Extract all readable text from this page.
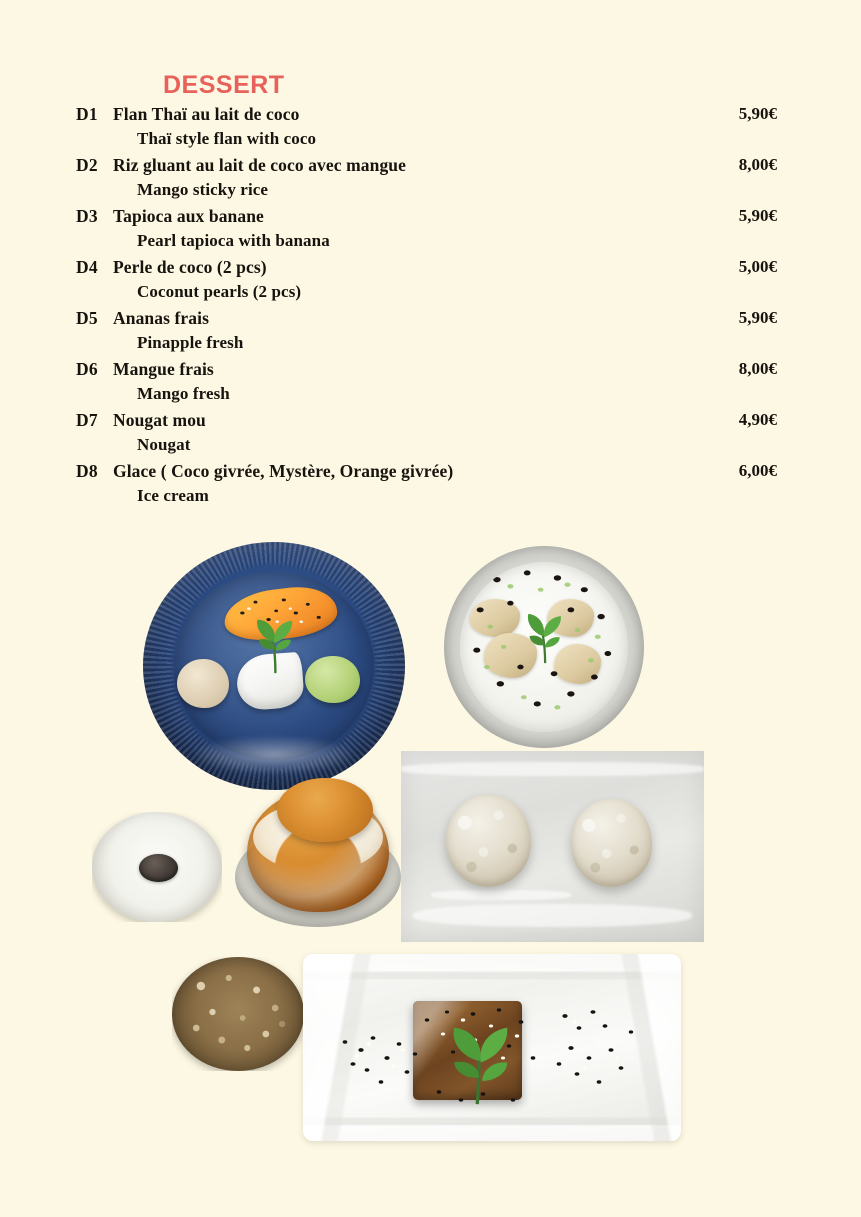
DESSERT
D1 Flan Thaï au lait de coco	5,90€
Thaï style flan with coco
D2 Riz gluant au lait de coco avec mangue	8,00€
Mango sticky rice
D3 Tapioca aux banane	5,90€
Pearl tapioca with banana
D4 Perle de coco (2 pcs)	5,00€
Coconut pearls (2 pcs)
D5 Ananas frais	5,90€
Pinapple fresh
D6 Mangue frais	8,00€
Mango fresh
D7 Nougat mou	4,90€
Nougat
D8 Glace ( Coco givrée, Mystère, Orange givrée)	6,00€
Ice cream
